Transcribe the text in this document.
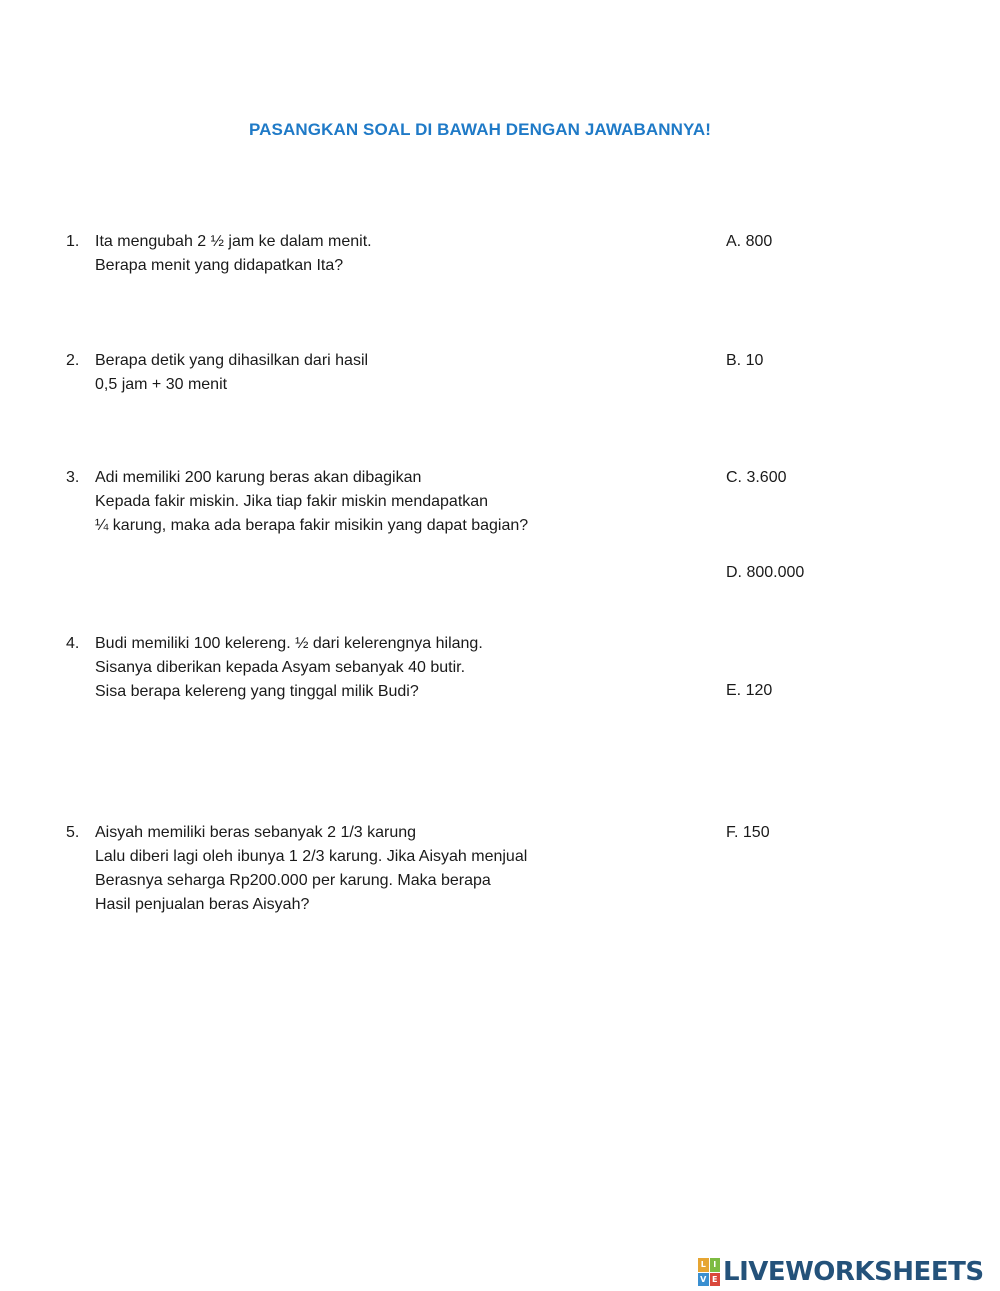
PASANGKAN SOAL DI BAWAH DENGAN JAWABANNYA!
1. Ita mengubah 2 ½ jam ke dalam menit.
Berapa menit yang didapatkan Ita?
2. Berapa detik yang dihasilkan dari hasil
0,5 jam + 30 menit
3. Adi memiliki 200 karung beras akan dibagikan
Kepada fakir miskin. Jika tiap fakir miskin mendapatkan
¼ karung, maka ada berapa fakir misikin yang dapat bagian?
4. Budi memiliki 100 kelereng. ½ dari kelerengnya hilang.
Sisanya diberikan kepada Asyam sebanyak 40 butir.
Sisa berapa kelereng yang tinggal milik Budi?
5. Aisyah memiliki beras sebanyak 2 1/3 karung
Lalu diberi lagi oleh ibunya 1 2/3 karung. Jika Aisyah menjual
Berasnya seharga Rp200.000 per karung. Maka berapa
Hasil penjualan beras Aisyah?
A. 800
B. 10
C. 3.600
D. 800.000
E. 120
F. 150
L I
V E LIVEWORKSHEETS
